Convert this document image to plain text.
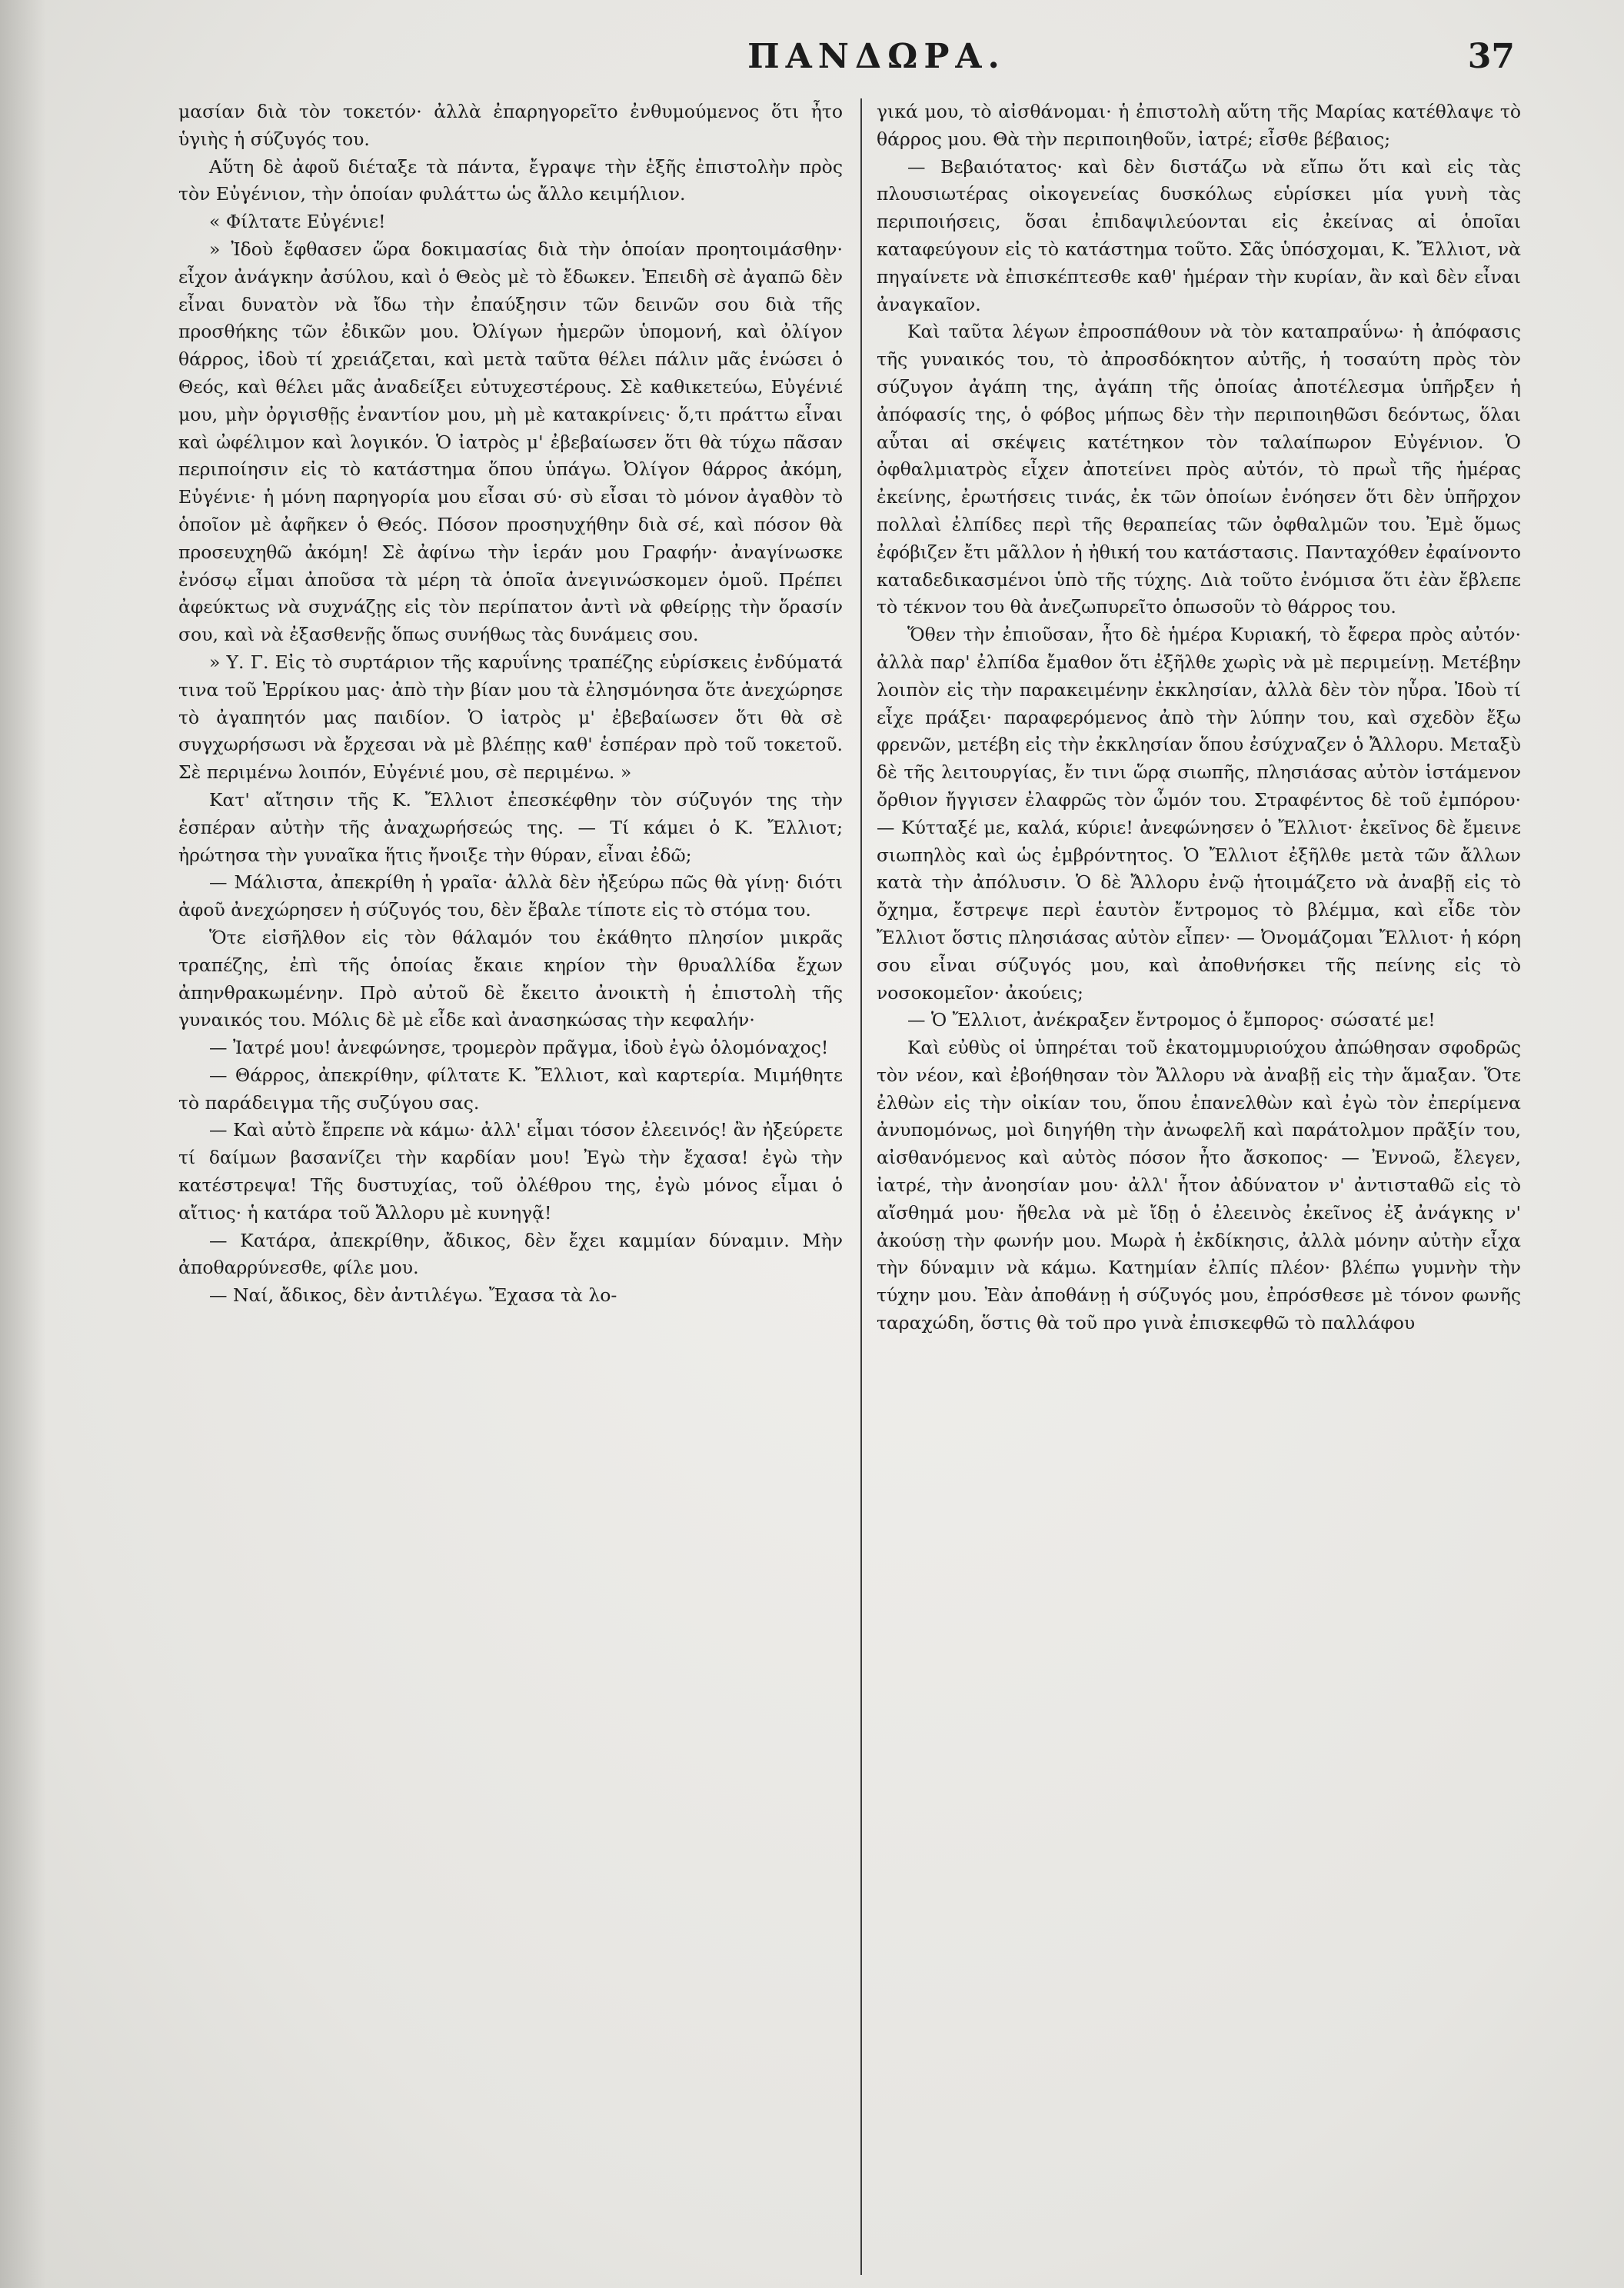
ΠΑΝΔΩΡΑ.	37

μασίαν διὰ τὸν τοκετόν· ἀλλὰ ἐπαρηγορεῖτο ἐνθυμούμενος ὅτι ἦτο ὑγιὴς ἡ σύζυγός του.

Αὕτη δὲ ἀφοῦ διέταξε τὰ πάντα, ἔγραψε τὴν ἑξῆς ἐπιστολὴν πρὸς τὸν Εὐγένιον, τὴν ὁποίαν φυλάττω ὡς ἄλλο κειμήλιον.

« Φίλτατε Εὐγένιε!

» Ἰδοὺ ἔφθασεν ὥρα δοκιμασίας διὰ τὴν ὁποίαν προητοιμάσθην· εἶχον ἀνάγκην ἀσύλου, καὶ ὁ Θεὸς μὲ τὸ ἔδωκεν. Ἐπειδὴ σὲ ἀγαπῶ δὲν εἶναι δυνατὸν νὰ ἴδω τὴν ἐπαύξησιν τῶν δεινῶν σου διὰ τῆς προσθήκης τῶν ἐδικῶν μου. Ὀλίγων ἡμερῶν ὑπομονή, καὶ ὀλίγον θάρρος, ἰδοὺ τί χρειάζεται, καὶ μετὰ ταῦτα θέλει πάλιν μᾶς ἑνώσει ὁ Θεός, καὶ θέλει μᾶς ἀναδείξει εὐτυχεστέρους. Σὲ καθικετεύω, Εὐγένιέ μου, μὴν ὀργισθῇς ἐναντίον μου, μὴ μὲ κατακρίνεις· ὅ,τι πράττω εἶναι καὶ ὠφέλιμον καὶ λογικόν. Ὁ ἰατρὸς μ' ἐβεβαίωσεν ὅτι θὰ τύχω πᾶσαν περιποίησιν εἰς τὸ κατάστημα ὅπου ὑπάγω. Ὀλίγον θάρρος ἀκόμη, Εὐγένιε· ἡ μόνη παρηγορία μου εἶσαι σύ· σὺ εἶσαι τὸ μόνον ἀγαθὸν τὸ ὁποῖον μὲ ἀφῆκεν ὁ Θεός. Πόσον προσηυχήθην διὰ σέ, καὶ πόσον θὰ προσευχηθῶ ἀκόμη! Σὲ ἀφίνω τὴν ἱεράν μου Γραφήν· ἀναγίνωσκε ἐνόσῳ εἶμαι ἀποῦσα τὰ μέρη τὰ ὁποῖα ἀνεγινώσκομεν ὁμοῦ. Πρέπει ἀφεύκτως νὰ συχνάζῃς εἰς τὸν περίπατον ἀντὶ νὰ φθείρῃς τὴν ὅρασίν σου, καὶ νὰ ἐξασθενῇς ὅπως συνήθως τὰς δυνάμεις σου.

» Υ. Γ. Εἰς τὸ συρτάριον τῆς καρυΐνης τραπέζης εὑρίσκεις ἐνδύματά τινα τοῦ Ἐρρίκου μας· ἀπὸ τὴν βίαν μου τὰ ἐλησμόνησα ὅτε ἀνεχώρησε τὸ ἀγαπητόν μας παιδίον. Ὁ ἰατρὸς μ' ἐβεβαίωσεν ὅτι θὰ σὲ συγχωρήσωσι νὰ ἔρχεσαι νὰ μὲ βλέπῃς καθ' ἑσπέραν πρὸ τοῦ τοκετοῦ. Σὲ περιμένω λοιπόν, Εὐγένιέ μου, σὲ περιμένω. »

Κατ' αἴτησιν τῆς Κ. Ἔλλιοτ ἐπεσκέφθην τὸν σύζυγόν της τὴν ἑσπέραν αὐτὴν τῆς ἀναχωρήσεώς της. — Τί κάμει ὁ Κ. Ἔλλιοτ; ἠρώτησα τὴν γυναῖκα ἥτις ἤνοιξε τὴν θύραν, εἶναι ἐδῶ;

— Μάλιστα, ἀπεκρίθη ἡ γραῖα· ἀλλὰ δὲν ἠξεύρω πῶς θὰ γίνῃ· διότι ἀφοῦ ἀνεχώρησεν ἡ σύζυγός του, δὲν ἔβαλε τίποτε εἰς τὸ στόμα του.

Ὅτε εἰσῆλθον εἰς τὸν θάλαμόν του ἐκάθητο πλησίον μικρᾶς τραπέζης, ἐπὶ τῆς ὁποίας ἔκαιε κηρίον τὴν θρυαλλίδα ἔχων ἀπηνθρακωμένην. Πρὸ αὐτοῦ δὲ ἔκειτο ἀνοικτὴ ἡ ἐπιστολὴ τῆς γυναικός του. Μόλις δὲ μὲ εἶδε καὶ ἀνασηκώσας τὴν κεφαλήν·

— Ἰατρέ μου! ἀνεφώνησε, τρομερὸν πρᾶγμα, ἰδοὺ ἐγὼ ὁλομόναχος!

— Θάρρος, ἀπεκρίθην, φίλτατε Κ. Ἔλλιοτ, καὶ καρτερία. Μιμήθητε τὸ παράδειγμα τῆς συζύγου σας.

— Καὶ αὐτὸ ἔπρεπε νὰ κάμω· ἀλλ' εἶμαι τόσον ἐλεεινός! ἂν ἠξεύρετε τί δαίμων βασανίζει τὴν καρδίαν μου! Ἐγὼ τὴν ἔχασα! ἐγὼ τὴν κατέστρεψα! Τῆς δυστυχίας, τοῦ ὀλέθρου της, ἐγὼ μόνος εἶμαι ὁ αἴτιος· ἡ κατάρα τοῦ Ἄλλορυ μὲ κυνηγᾷ!

— Κατάρα, ἀπεκρίθην, ἄδικος, δὲν ἔχει καμμίαν δύναμιν. Μὴν ἀποθαρρύνεσθε, φίλε μου.

— Ναί, ἄδικος, δὲν ἀντιλέγω. Ἔχασα τὰ λο-

γικά μου, τὸ αἰσθάνομαι· ἡ ἐπιστολὴ αὕτη τῆς Μαρίας κατέθλαψε τὸ θάρρος μου. Θὰ τὴν περιποιηθοῦν, ἰατρέ; εἶσθε βέβαιος;

— Βεβαιότατος· καὶ δὲν διστάζω νὰ εἴπω ὅτι καὶ εἰς τὰς πλουσιωτέρας οἰκογενείας δυσκόλως εὑρίσκει μία γυνὴ τὰς περιποιήσεις, ὅσαι ἐπιδαψιλεύονται εἰς ἐκείνας αἱ ὁποῖαι καταφεύγουν εἰς τὸ κατάστημα τοῦτο. Σᾶς ὑπόσχομαι, Κ. Ἔλλιοτ, νὰ πηγαίνετε νὰ ἐπισκέπτεσθε καθ' ἡμέραν τὴν κυρίαν, ἂν καὶ δὲν εἶναι ἀναγκαῖον.

Καὶ ταῦτα λέγων ἐπροσπάθουν νὰ τὸν καταπραΰνω· ἡ ἀπόφασις τῆς γυναικός του, τὸ ἀπροσδόκητον αὐτῆς, ἡ τοσαύτη πρὸς τὸν σύζυγον ἀγάπη της, ἀγάπη τῆς ὁποίας ἀποτέλεσμα ὑπῆρξεν ἡ ἀπόφασίς της, ὁ φόβος μήπως δὲν τὴν περιποιηθῶσι δεόντως, ὅλαι αὗται αἱ σκέψεις κατέτηκον τὸν ταλαίπωρον Εὐγένιον. Ὁ ὀφθαλμιατρὸς εἶχεν ἀποτείνει πρὸς αὐτόν, τὸ πρωῒ τῆς ἡμέρας ἐκείνης, ἐρωτήσεις τινάς, ἐκ τῶν ὁποίων ἐνόησεν ὅτι δὲν ὑπῆρχον πολλαὶ ἐλπίδες περὶ τῆς θεραπείας τῶν ὀφθαλμῶν του. Ἐμὲ ὅμως ἐφόβιζεν ἔτι μᾶλλον ἡ ἠθική του κατάστασις. Πανταχόθεν ἐφαίνοντο καταδεδικασμένοι ὑπὸ τῆς τύχης. Διὰ τοῦτο ἐνόμισα ὅτι ἐὰν ἔβλεπε τὸ τέκνον του θὰ ἀνεζωπυρεῖτο ὁπωσοῦν τὸ θάρρος του.

Ὅθεν τὴν ἐπιοῦσαν, ἦτο δὲ ἡμέρα Κυριακή, τὸ ἔφερα πρὸς αὐτόν· ἀλλὰ παρ' ἐλπίδα ἔμαθον ὅτι ἐξῆλθε χωρὶς νὰ μὲ περιμείνῃ. Μετέβην λοιπὸν εἰς τὴν παρακειμένην ἐκκλησίαν, ἀλλὰ δὲν τὸν ηὗρα. Ἰδοὺ τί εἶχε πράξει· παραφερόμενος ἀπὸ τὴν λύπην του, καὶ σχεδὸν ἔξω φρενῶν, μετέβη εἰς τὴν ἐκκλησίαν ὅπου ἐσύχναζεν ὁ Ἄλλορυ. Μεταξὺ δὲ τῆς λειτουργίας, ἔν τινι ὥρᾳ σιωπῆς, πλησιάσας αὐτὸν ἱστάμενον ὄρθιον ἤγγισεν ἐλαφρῶς τὸν ὦμόν του. Στραφέντος δὲ τοῦ ἐμπόρου· — Κύτταξέ με, καλά, κύριε! ἀνεφώνησεν ὁ Ἔλλιοτ· ἐκεῖνος δὲ ἔμεινε σιωπηλὸς καὶ ὡς ἐμβρόντητος. Ὁ Ἔλλιοτ ἐξῆλθε μετὰ τῶν ἄλλων κατὰ τὴν ἀπόλυσιν. Ὁ δὲ Ἄλλορυ ἐνῷ ἡτοιμάζετο νὰ ἀναβῇ εἰς τὸ ὄχημα, ἔστρεψε περὶ ἑαυτὸν ἔντρομος τὸ βλέμμα, καὶ εἶδε τὸν Ἔλλιοτ ὅστις πλησιάσας αὐτὸν εἶπεν· — Ὀνομάζομαι Ἔλλιοτ· ἡ κόρη σου εἶναι σύζυγός μου, καὶ ἀποθνήσκει τῆς πείνης εἰς τὸ νοσοκομεῖον· ἀκούεις;

— Ὁ Ἔλλιοτ, ἀνέκραξεν ἔντρομος ὁ ἔμπορος· σώσατέ με!

Καὶ εὐθὺς οἱ ὑπηρέται τοῦ ἑκατομμυριούχου ἀπώθησαν σφοδρῶς τὸν νέον, καὶ ἐβοήθησαν τὸν Ἄλλορυ νὰ ἀναβῇ εἰς τὴν ἅμαξαν. Ὅτε ἐλθὼν εἰς τὴν οἰκίαν του, ὅπου ἐπανελθὼν καὶ ἐγὼ τὸν ἐπερίμενα ἀνυπομόνως, μοὶ διηγήθη τὴν ἀνωφελῆ καὶ παράτολμον πρᾶξίν του, αἰσθανόμενος καὶ αὐτὸς πόσον ἦτο ἄσκοπος· — Ἐννοῶ, ἔλεγεν, ἰατρέ, τὴν ἀνοησίαν μου· ἀλλ' ἦτον ἀδύνατον ν' ἀντισταθῶ εἰς τὸ αἴσθημά μου· ἤθελα νὰ μὲ ἴδῃ ὁ ἐλεεινὸς ἐκεῖνος ἐξ ἀνάγκης ν' ἀκούσῃ τὴν φωνήν μου. Μωρὰ ἡ ἐκδίκησις, ἀλλὰ μόνην αὐτὴν εἶχα τὴν δύναμιν νὰ κάμω. Κατημίαν ἐλπίς πλέον· βλέπω γυμνὴν τὴν τύχην μου. Ἐὰν ἀποθάνῃ ἡ σύζυγός μου, ἐπρόσθεσε μὲ τόνον φωνῆς ταραχώδη, ὅστις θὰ τοῦ προ γινὰ ἐπισκεφθῶ τὸ παλλάφου
